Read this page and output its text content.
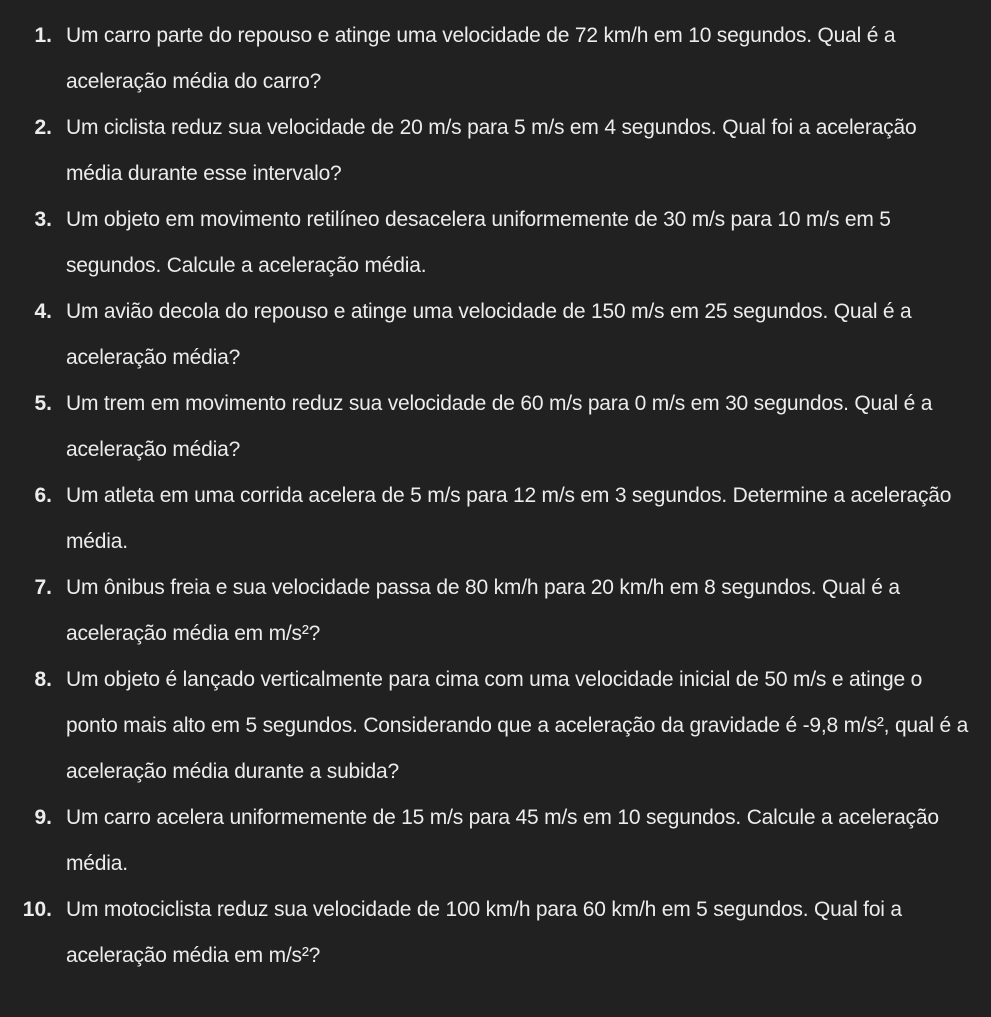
1. Um carro parte do repouso e atinge uma velocidade de 72 km/h em 10 segundos. Qual é a aceleração média do carro?
2. Um ciclista reduz sua velocidade de 20 m/s para 5 m/s em 4 segundos. Qual foi a aceleração média durante esse intervalo?
3. Um objeto em movimento retilíneo desacelera uniformemente de 30 m/s para 10 m/s em 5 segundos. Calcule a aceleração média.
4. Um avião decola do repouso e atinge uma velocidade de 150 m/s em 25 segundos. Qual é a aceleração média?
5. Um trem em movimento reduz sua velocidade de 60 m/s para 0 m/s em 30 segundos. Qual é a aceleração média?
6. Um atleta em uma corrida acelera de 5 m/s para 12 m/s em 3 segundos. Determine a aceleração média.
7. Um ônibus freia e sua velocidade passa de 80 km/h para 20 km/h em 8 segundos. Qual é a aceleração média em m/s²?
8. Um objeto é lançado verticalmente para cima com uma velocidade inicial de 50 m/s e atinge o ponto mais alto em 5 segundos. Considerando que a aceleração da gravidade é -9,8 m/s², qual é a aceleração média durante a subida?
9. Um carro acelera uniformemente de 15 m/s para 45 m/s em 10 segundos. Calcule a aceleração média.
10. Um motociclista reduz sua velocidade de 100 km/h para 60 km/h em 5 segundos. Qual foi a aceleração média em m/s²?
